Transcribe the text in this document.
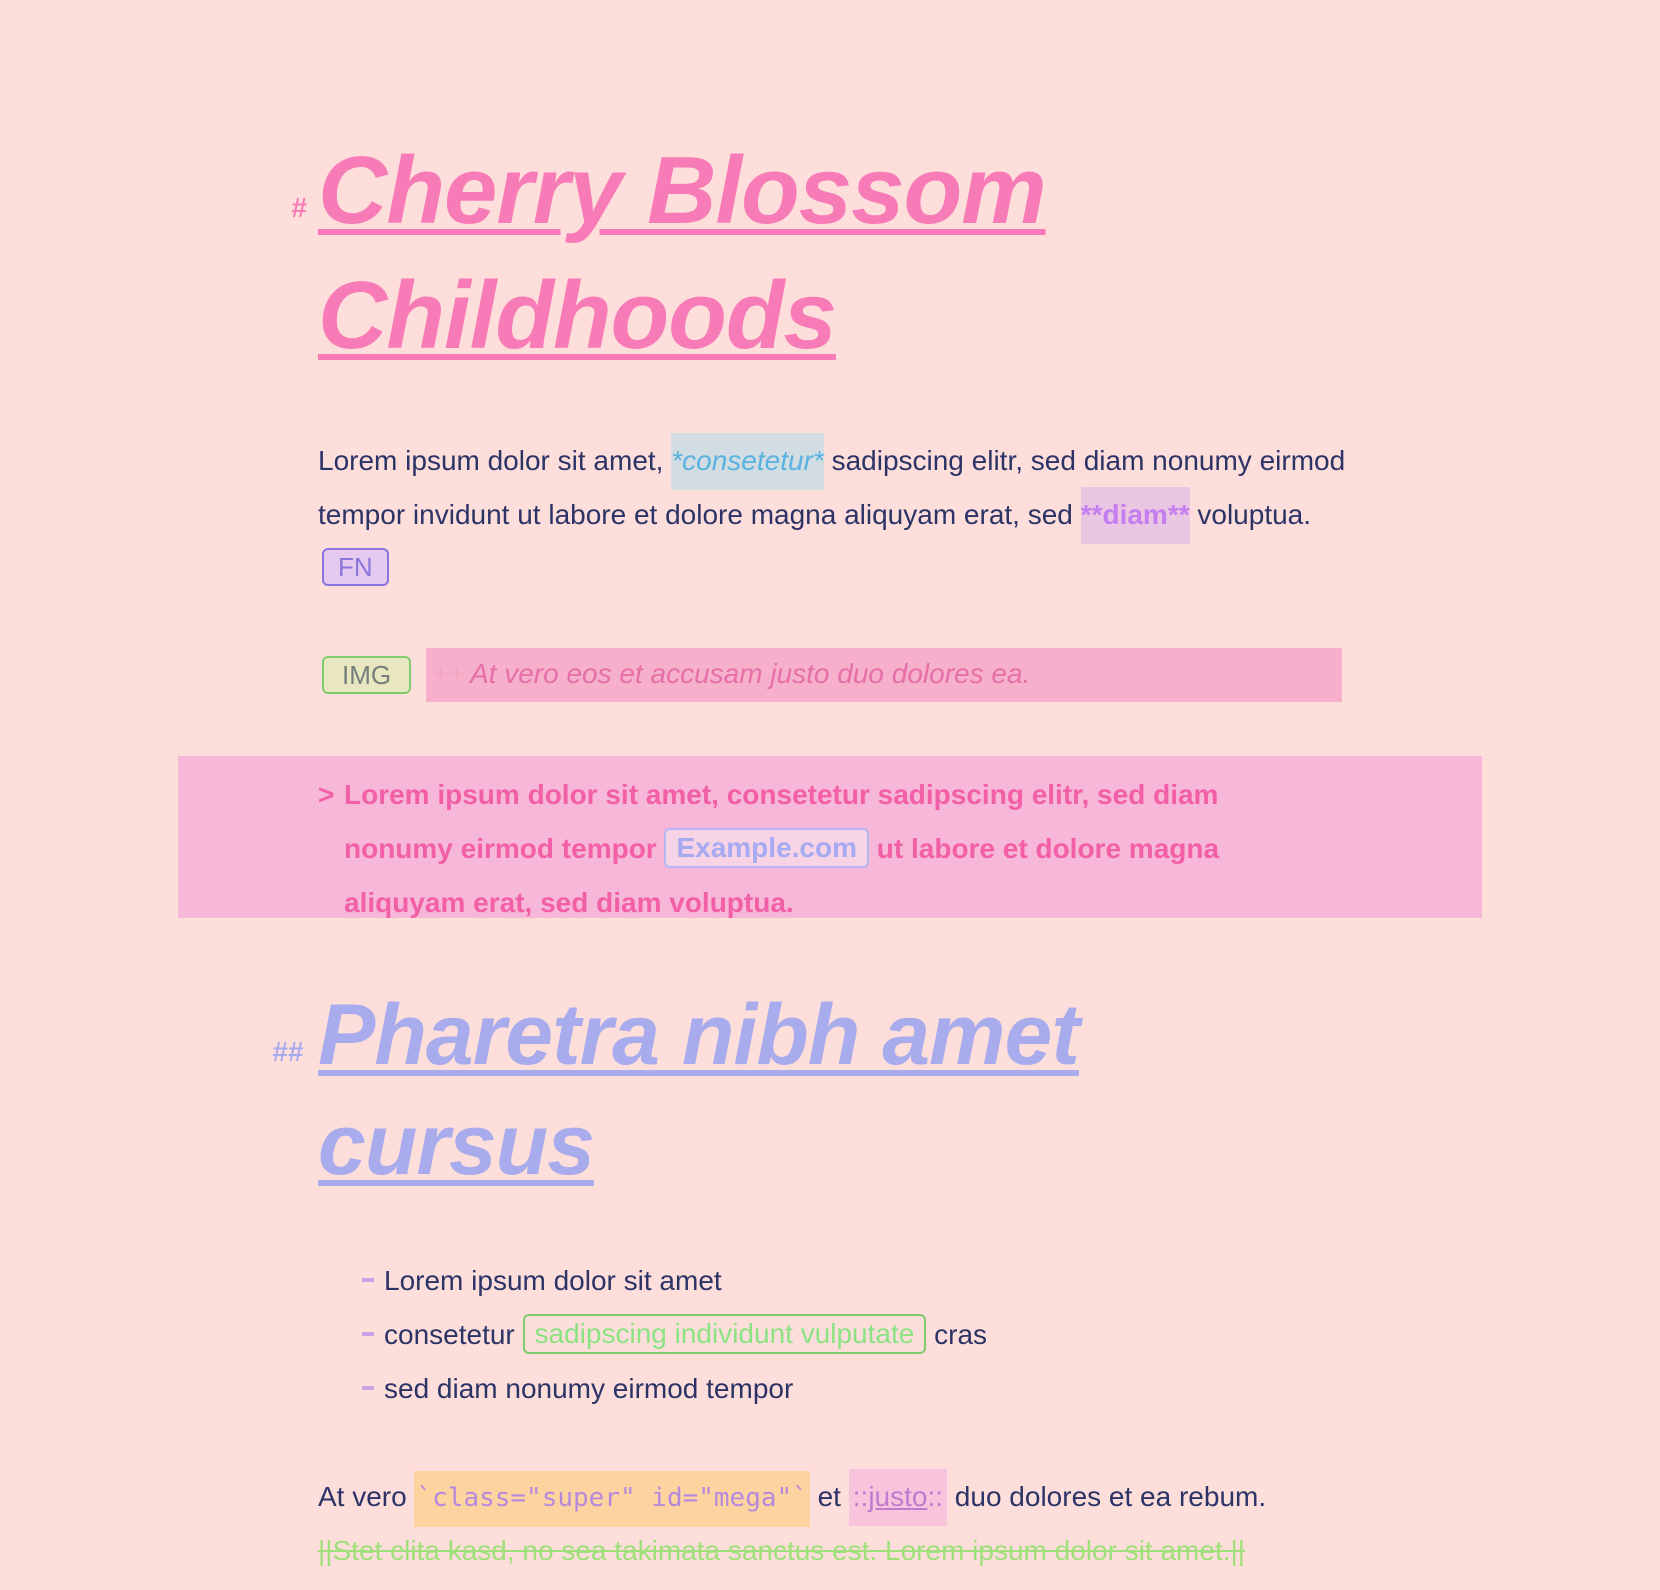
# Cherry Blossom Childhoods

Lorem ipsum dolor sit amet, *consetetur* sadipscing elitr, sed diam nonumy eirmod tempor invidunt ut labore et dolore magna aliquyam erat, sed **diam** voluptua. FN

IMG	++ At vero eos et accusam justo duo dolores ea.
> Lorem ipsum dolor sit amet, consetetur sadipscing elitr, sed diam nonumy eirmod tempor Example.com ut labore et dolore magna aliquyam erat, sed diam voluptua.

## Pharetra nibh amet cursus
Lorem ipsum dolor sit amet
consetetur sadipscing individunt vulputate cras
sed diam nonumy eirmod tempor

At vero `class="super" id="mega"` et ::justo:: duo dolores et ea rebum.

||Stet clita kasd, no sea takimata sanctus est. Lorem ipsum dolor sit amet.||
